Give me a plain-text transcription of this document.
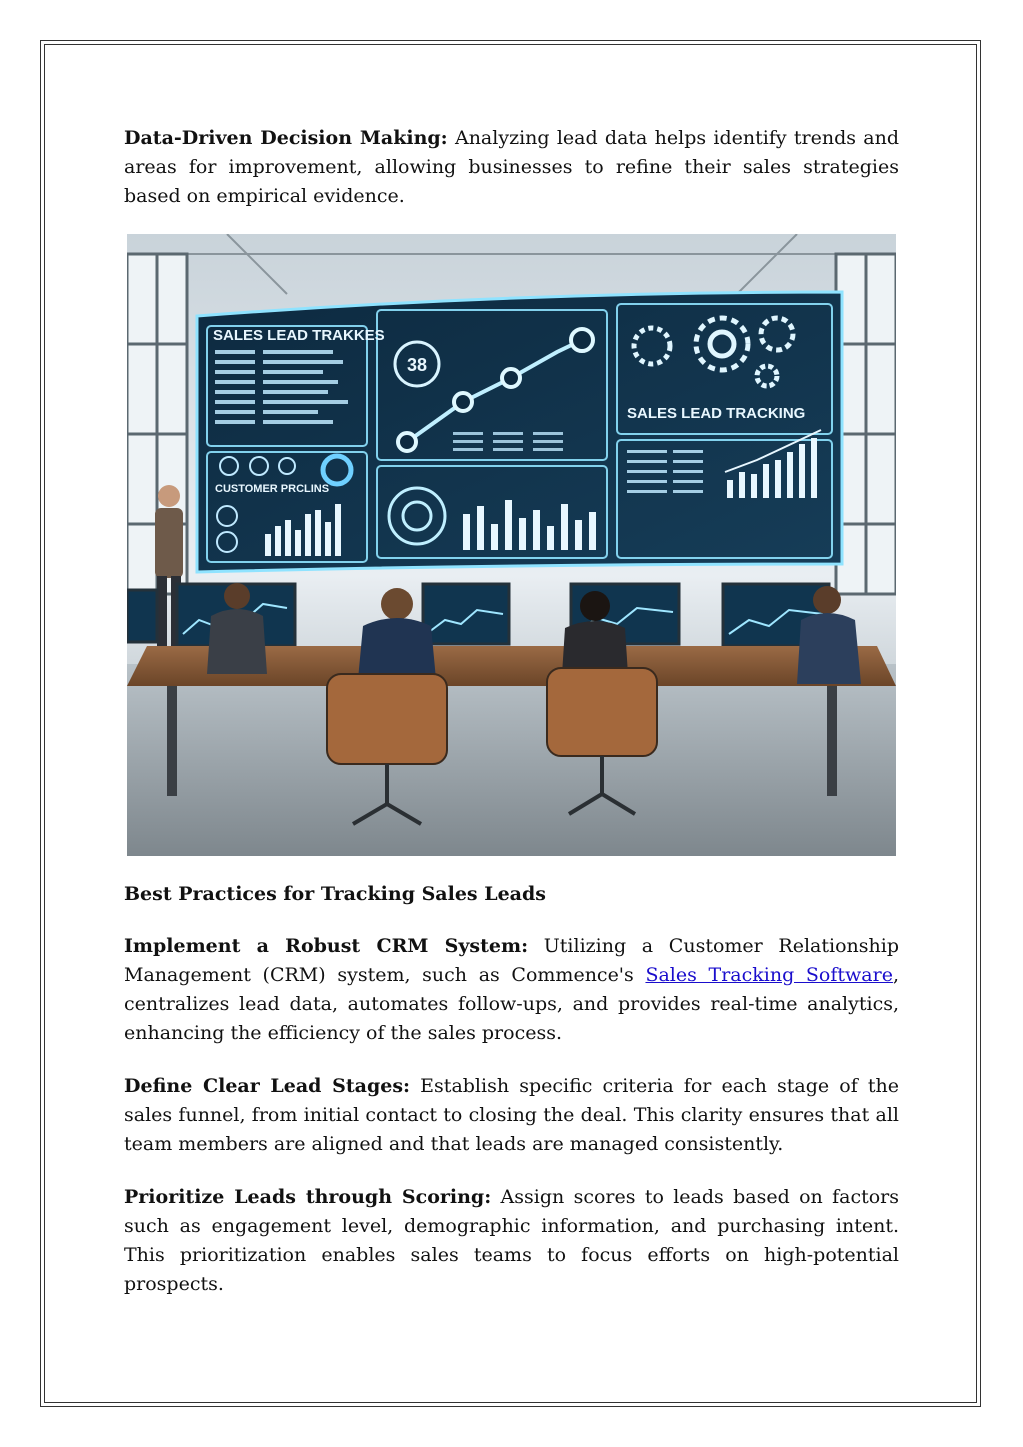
Data-Driven Decision Making: Analyzing lead data helps identify trends and areas for improvement, allowing businesses to refine their sales strategies based on empirical evidence.

SALES LEAD TRAKKES
CUSTOMER PRCLINS
38
SALES LEAD TRACKING

Best Practices for Tracking Sales Leads

Implement a Robust CRM System: Utilizing a Customer Relationship Management (CRM) system, such as Commence's Sales Tracking Software, centralizes lead data, automates follow-ups, and provides real-time analytics, enhancing the efficiency of the sales process.

Define Clear Lead Stages: Establish specific criteria for each stage of the sales funnel, from initial contact to closing the deal. This clarity ensures that all team members are aligned and that leads are managed consistently.

Prioritize Leads through Scoring: Assign scores to leads based on factors such as engagement level, demographic information, and purchasing intent. This prioritization enables sales teams to focus efforts on high-potential prospects.
